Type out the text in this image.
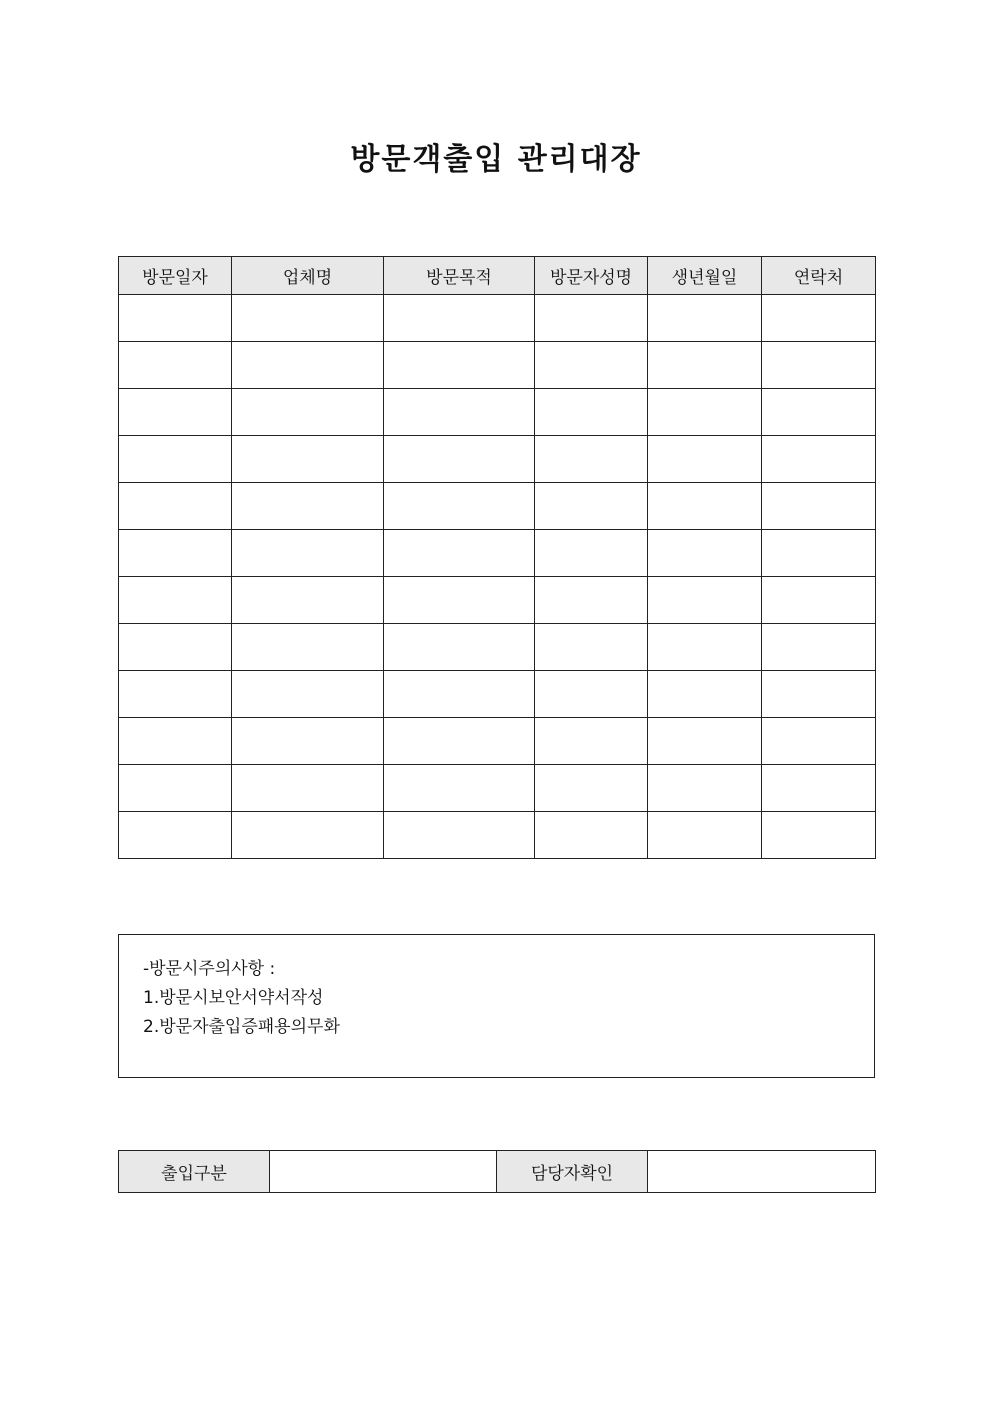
방문객출입 관리대장
방문일자	업체명	방문목적	방문자성명	생년월일	연락처

-방문시주의사항 :
1.방문시보안서약서작성
2.방문자출입증패용의무화
출입구분		담당자확인	
